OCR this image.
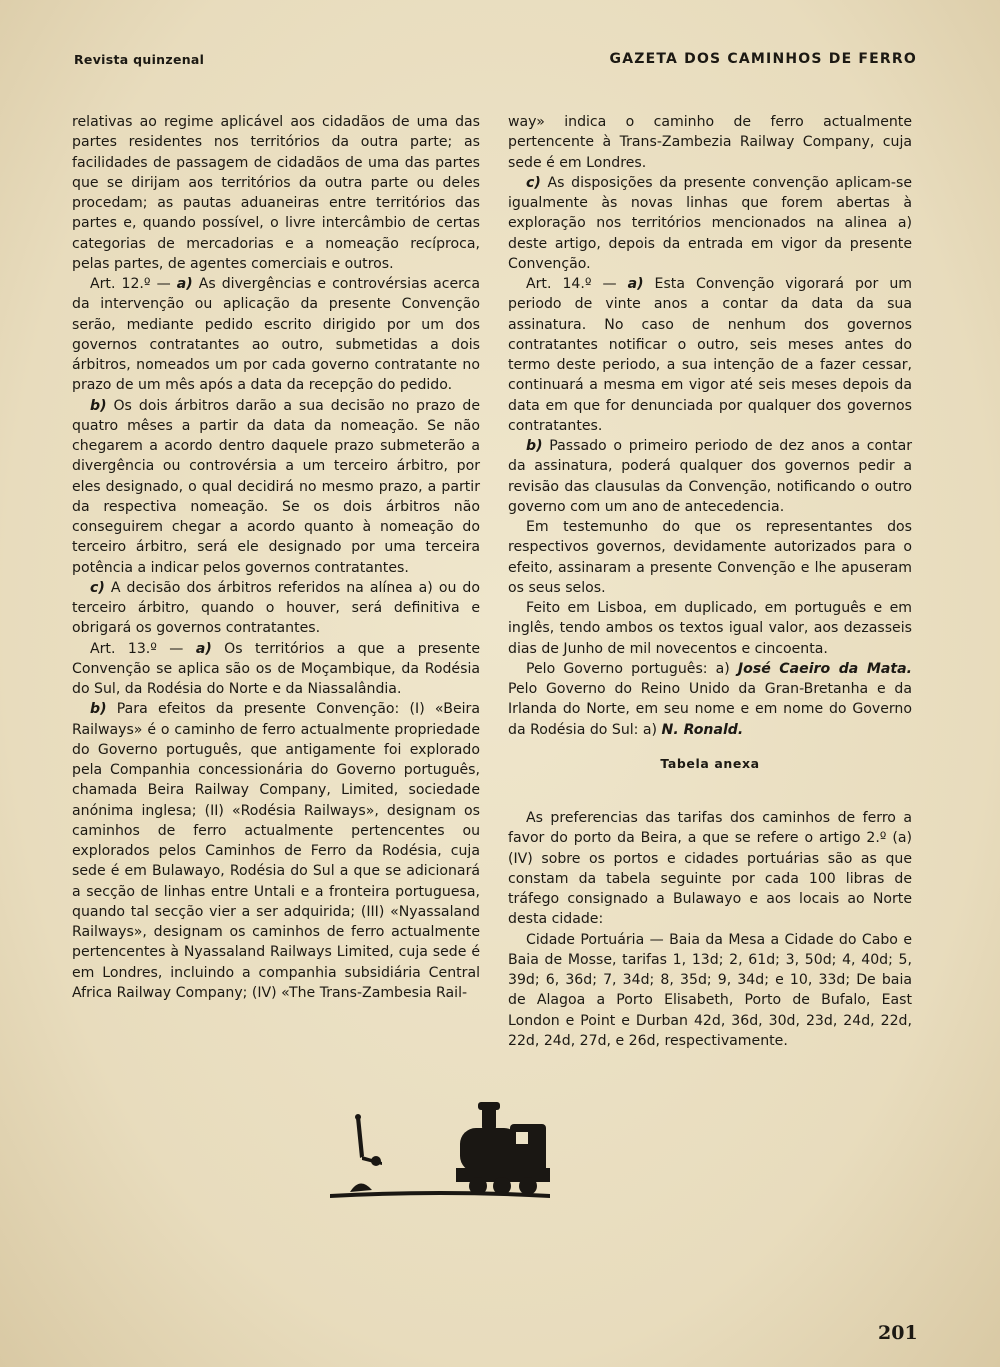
Revista quinzenal	GAZETA DOS CAMINHOS DE FERRO

relativas ao regime aplicável aos cidadãos de uma das partes residentes nos territórios da outra parte; as facilidades de passagem de cidadãos de uma das partes que se dirijam aos territórios da outra parte ou deles procedam; as pautas aduaneiras entre territórios das partes e, quando possível, o livre intercâmbio de certas categorias de mercadorias e a nomeação recíproca, pelas partes, de agentes comerciais e outros.

Art. 12.º — a) As divergências e controvérsias acerca da intervenção ou aplicação da presente Convenção serão, mediante pedido escrito dirigido por um dos governos contratantes ao outro, submetidas a dois árbitros, nomeados um por cada governo contratante no prazo de um mês após a data da recepção do pedido.

b) Os dois árbitros darão a sua decisão no prazo de quatro mêses a partir da data da nomeação. Se não chegarem a acordo dentro daquele prazo submeterão a divergência ou controvérsia a um terceiro árbitro, por eles designado, o qual decidirá no mesmo prazo, a partir da respectiva nomeação. Se os dois árbitros não conseguirem chegar a acordo quanto à nomeação do terceiro árbitro, será ele designado por uma terceira potência a indicar pelos governos contratantes.

c) A decisão dos árbitros referidos na alínea a) ou do terceiro árbitro, quando o houver, será definitiva e obrigará os governos contratantes.

Art. 13.º — a) Os territórios a que a presente Convenção se aplica são os de Moçambique, da Rodésia do Sul, da Rodésia do Norte e da Niassalândia.

b) Para efeitos da presente Convenção: (I) «Beira Railways» é o caminho de ferro actualmente propriedade do Governo português, que antigamente foi explorado pela Companhia concessionária do Governo português, chamada Beira Railway Company, Limited, sociedade anónima inglesa; (II) «Rodésia Railways», designam os caminhos de ferro actualmente pertencentes ou explorados pelos Caminhos de Ferro da Rodésia, cuja sede é em Bulawayo, Rodésia do Sul a que se adicionará a secção de linhas entre Untali e a fronteira portuguesa, quando tal secção vier a ser adquirida; (III) «Nyassaland Railways», designam os caminhos de ferro actualmente pertencentes à Nyassaland Railways Limited, cuja sede é em Londres, incluindo a companhia subsidiária Central Africa Railway Company; (IV) «The Trans-Zambesia Rail-

way» indica o caminho de ferro actualmente pertencente à Trans-Zambezia Railway Company, cuja sede é em Londres.

c) As disposições da presente convenção aplicam-se igualmente às novas linhas que forem abertas à exploração nos territórios mencionados na alinea a) deste artigo, depois da entrada em vigor da presente Convenção.

Art. 14.º — a) Esta Convenção vigorará por um periodo de vinte anos a contar da data da sua assinatura. No caso de nenhum dos governos contratantes notificar o outro, seis meses antes do termo deste periodo, a sua intenção de a fazer cessar, continuará a mesma em vigor até seis meses depois da data em que for denunciada por qualquer dos governos contratantes.

b) Passado o primeiro periodo de dez anos a contar da assinatura, poderá qualquer dos governos pedir a revisão das clausulas da Convenção, notificando o outro governo com um ano de antecedencia.

Em testemunho do que os representantes dos respectivos governos, devidamente autorizados para o efeito, assinaram a presente Convenção e lhe apuseram os seus selos.

Feito em Lisboa, em duplicado, em português e em inglês, tendo ambos os textos igual valor, aos dezasseis dias de Junho de mil novecentos e cincoenta.

Pelo Governo português: a) José Caeiro da Mata. Pelo Governo do Reino Unido da Gran-Bretanha e da Irlanda do Norte, em seu nome e em nome do Governo da Rodésia do Sul: a) N. Ronald.

Tabela anexa

As preferencias das tarifas dos caminhos de ferro a favor do porto da Beira, a que se refere o artigo 2.º (a) (IV) sobre os portos e cidades portuárias são as que constam da tabela seguinte por cada 100 libras de tráfego consignado a Bulawayo e aos locais ao Norte desta cidade:

Cidade Portuária — Baia da Mesa a Cidade do Cabo e Baia de Mosse, tarifas 1, 13d; 2, 61d; 3, 50d; 4, 40d; 5, 39d; 6, 36d; 7, 34d; 8, 35d; 9, 34d; e 10, 33d; De baia de Alagoa a Porto Elisabeth, Porto de Bufalo, East London e Point e Durban 42d, 36d, 30d, 23d, 24d, 22d, 22d, 24d, 27d, e 26d, respectivamente.

201
